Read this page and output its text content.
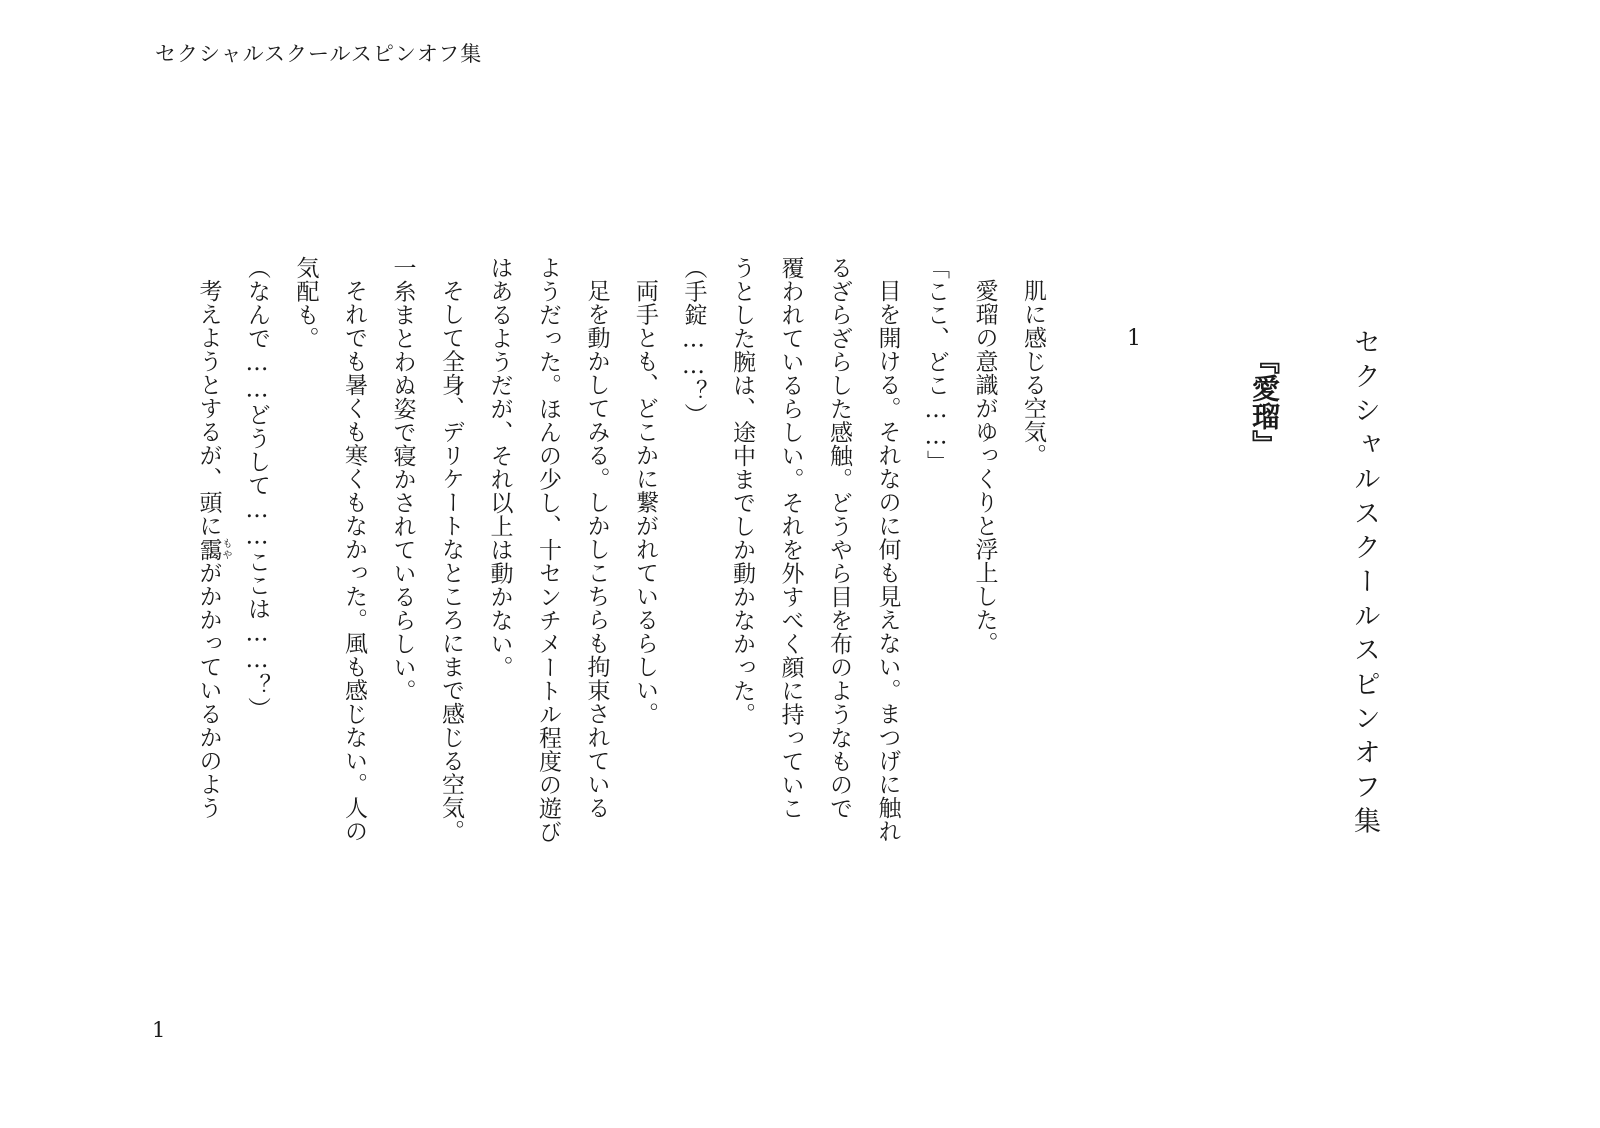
セクシャルスクールスピンオフ集
セクシャルスクールスピンオフ集
『愛瑠』
1
肌に感じる空気。
愛瑠の意識がゆっくりと浮上した。
「ここ、どこ……」
目を開ける。それなのに何も見えない。まつげに触れ
るざらざらした感触。どうやら目を布のようなもので
覆われているらしい。それを外すべく顔に持っていこ
うとした腕は、途中までしか動かなかった。
（手錠……？）
両手とも、どこかに繋がれているらしい。
足を動かしてみる。しかしこちらも拘束されている
ようだった。ほんの少し、十センチメートル程度の遊び
はあるようだが、それ以上は動かない。
そして全身、デリケートなところにまで感じる空気。
一糸まとわぬ姿で寝かされているらしい。
それでも暑くも寒くもなかった。風も感じない。人の
気配も。
（なんで……どうして……ここは……？）
考えようとするが、頭に靄もやがかかっているかのよう
1
